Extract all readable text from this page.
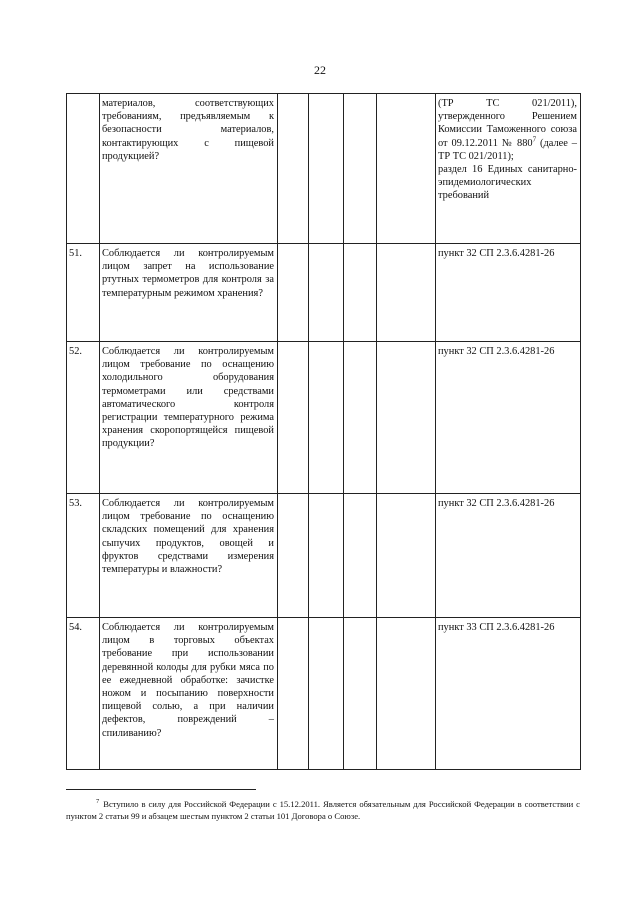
22
	материалов, соответствующих требованиям, предъявляемым к безопасности материалов, контактирующих с пищевой продукцией?					(ТР ТС 021/2011), утвержденного Решением Комиссии Таможенного союза от 09.12.2011 № $880^7$ (далее – ТР ТС 021/2011);
раздел 16 Единых санитарно-эпидемиологических требований

51.	Соблюдается ли контролируемым лицом запрет на использование ртутных термометров для контроля за температурным режимом хранения?					пункт 32 СП 2.3.6.4281-26
52.	Соблюдается ли контролируемым лицом требование по оснащению холодильного оборудования термометрами или средствами автоматического контроля регистрации температурного режима хранения скоропортящейся пищевой продукции?					пункт 32 СП 2.3.6.4281-26
53.	Соблюдается ли контролируемым лицом требование по оснащению складских помещений для хранения сыпучих продуктов, овощей и фруктов средствами измерения температуры и влажности?					пункт 32 СП 2.3.6.4281-26
54.	Соблюдается ли контролируемым лицом в торговых объектах требование при использовании деревянной колоды для рубки мяса по ее ежедневной обработке: зачистке ножом и посыпанию поверхности пищевой солью, а при наличии дефектов, повреждений – спиливанию?					пункт 33 СП 2.3.6.4281-26
$^7$ Вступило в силу для Российской Федерации с 15.12.2011. Является обязательным для Российской Федерации в соответствии с пунктом 2 статьи 99 и абзацем шестым пунктом 2 статьи 101 Договора о Союзе.
